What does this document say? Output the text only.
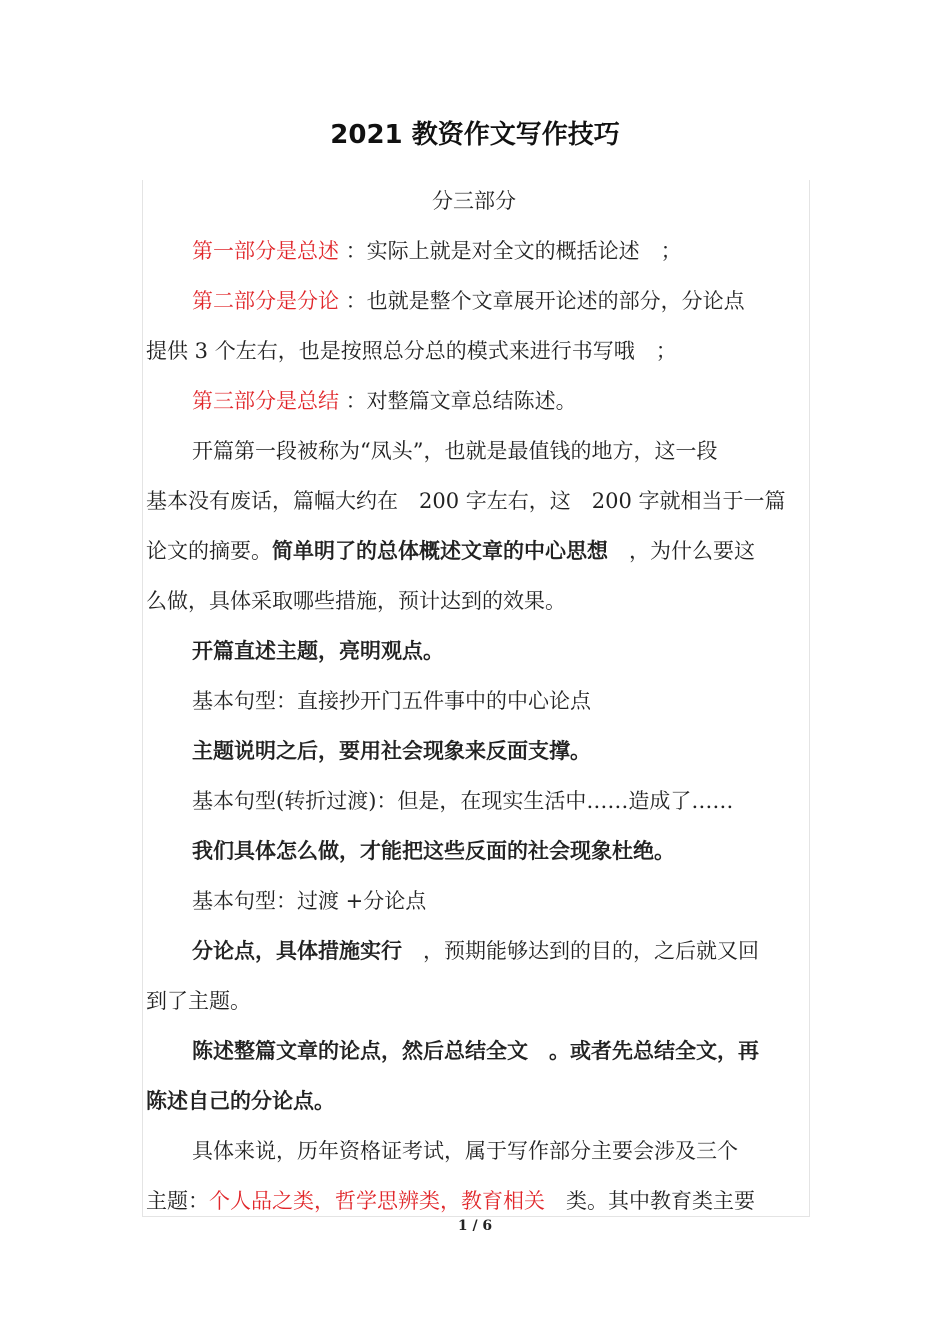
2021 教资作文写作技巧
分三部分
第一部分是总述 ：实际上就是对全文的概括论述　；
第二部分是分论 ：也就是整个文章展开论述的部分，分论点
提供 3 个左右，也是按照总分总的模式来进行书写哦　；
第三部分是总结 ：对整篇文章总结陈述。
开篇第一段被称为“凤头”，也就是最值钱的地方，这一段
基本没有废话，篇幅大约在　200 字左右，这　200 字就相当于一篇
论文的摘要。简单明了的总体概述文章的中心思想　，为什么要这
么做，具体采取哪些措施，预计达到的效果。
开篇直述主题，亮明观点。
基本句型：直接抄开门五件事中的中心论点
主题说明之后，要用社会现象来反面支撑。
基本句型(转折过渡)：但是，在现实生活中……造成了……
我们具体怎么做，才能把这些反面的社会现象杜绝。
基本句型：过渡 +分论点
分论点，具体措施实行　，预期能够达到的目的，之后就又回
到了主题。
陈述整篇文章的论点，然后总结全文　。或者先总结全文，再
陈述自己的分论点。
具体来说，历年资格证考试，属于写作部分主要会涉及三个
主题：个人品之类，哲学思辨类，教育相关　类。其中教育类主要
1 / 6
